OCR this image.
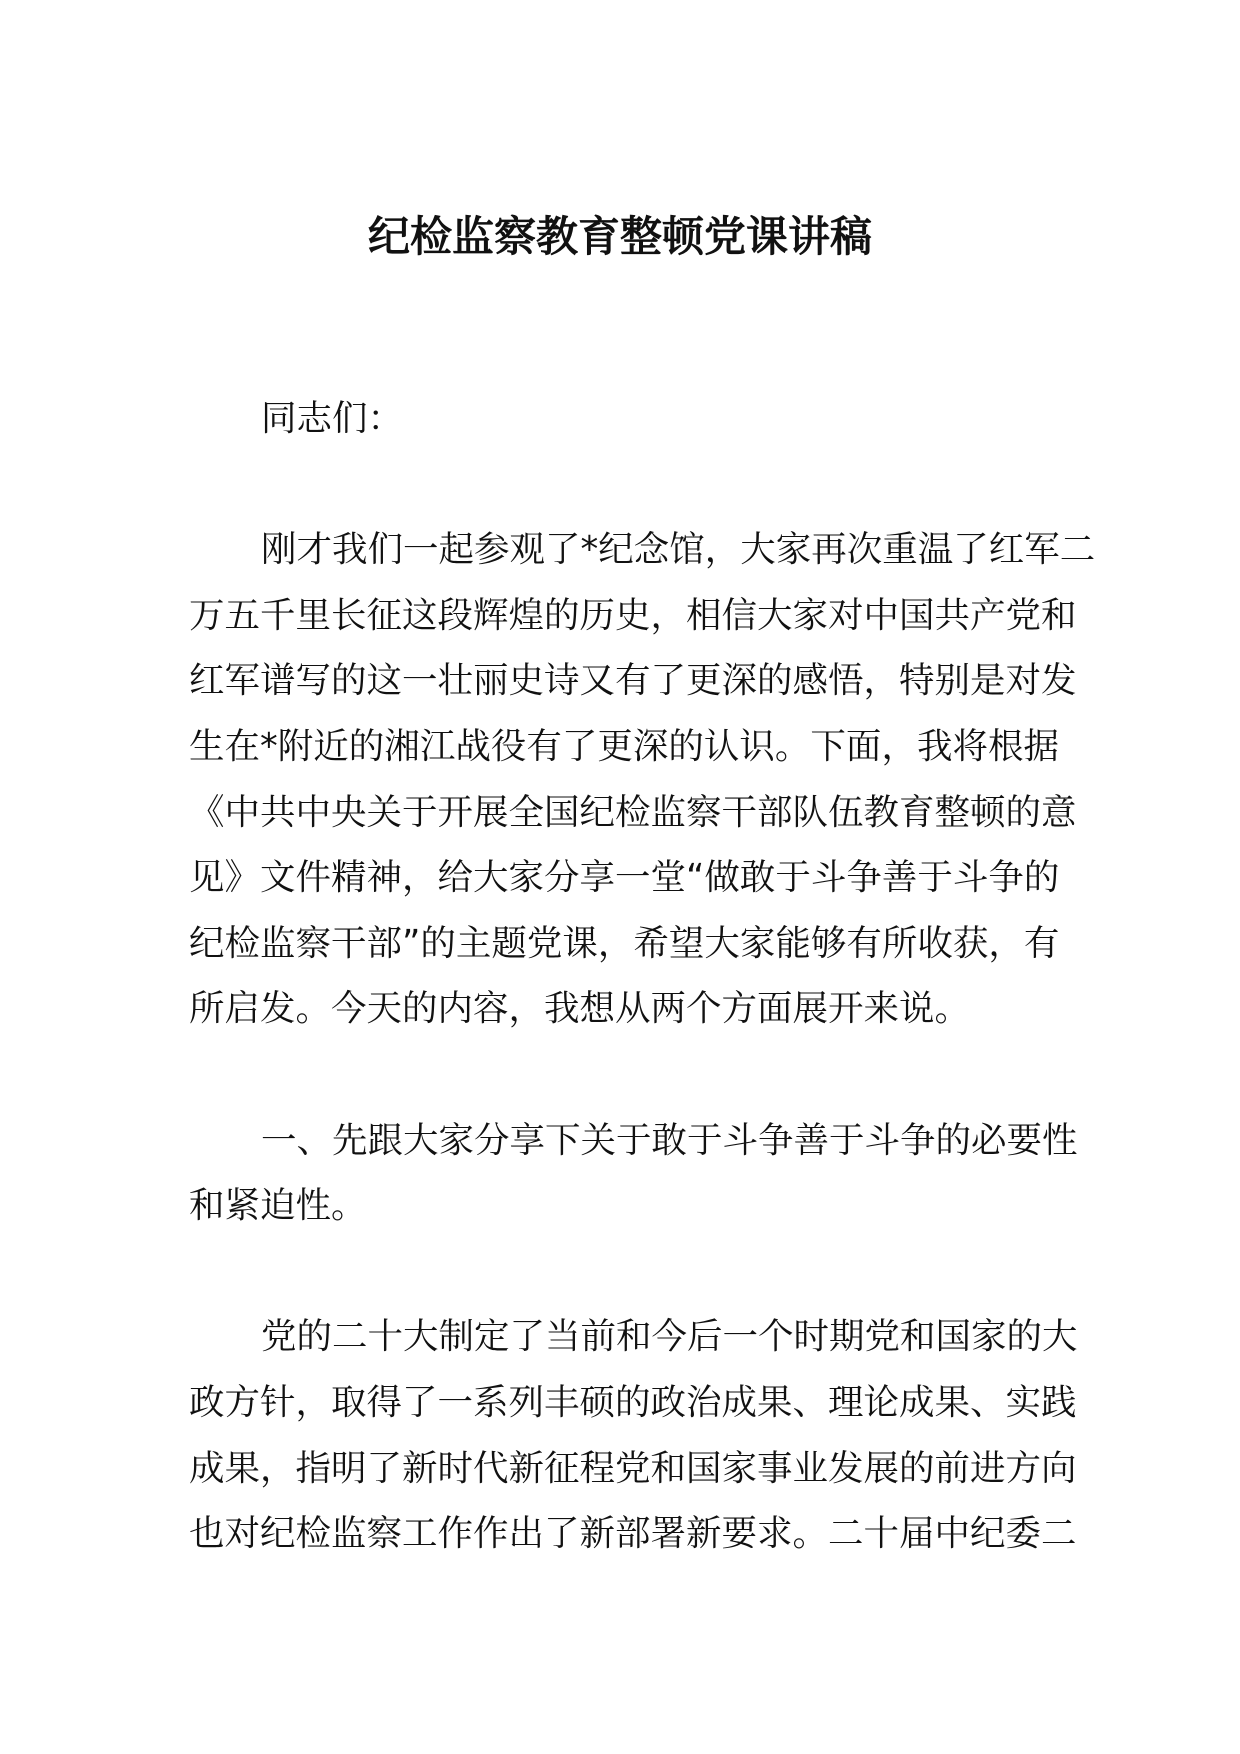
纪检监察教育整顿党课讲稿
同志们：
刚才我们一起参观了*纪念馆，大家再次重温了红军二
万五千里长征这段辉煌的历史，相信大家对中国共产党和
红军谱写的这一壮丽史诗又有了更深的感悟，特别是对发
生在*附近的湘江战役有了更深的认识。下面，我将根据
《中共中央关于开展全国纪检监察干部队伍教育整顿的意
见》文件精神，给大家分享一堂“做敢于斗争善于斗争的
纪检监察干部”的主题党课，希望大家能够有所收获，有
所启发。今天的内容，我想从两个方面展开来说。
一、先跟大家分享下关于敢于斗争善于斗争的必要性
和紧迫性。
党的二十大制定了当前和今后一个时期党和国家的大
政方针，取得了一系列丰硕的政治成果、理论成果、实践
成果，指明了新时代新征程党和国家事业发展的前进方向
也对纪检监察工作作出了新部署新要求。二十届中纪委二
